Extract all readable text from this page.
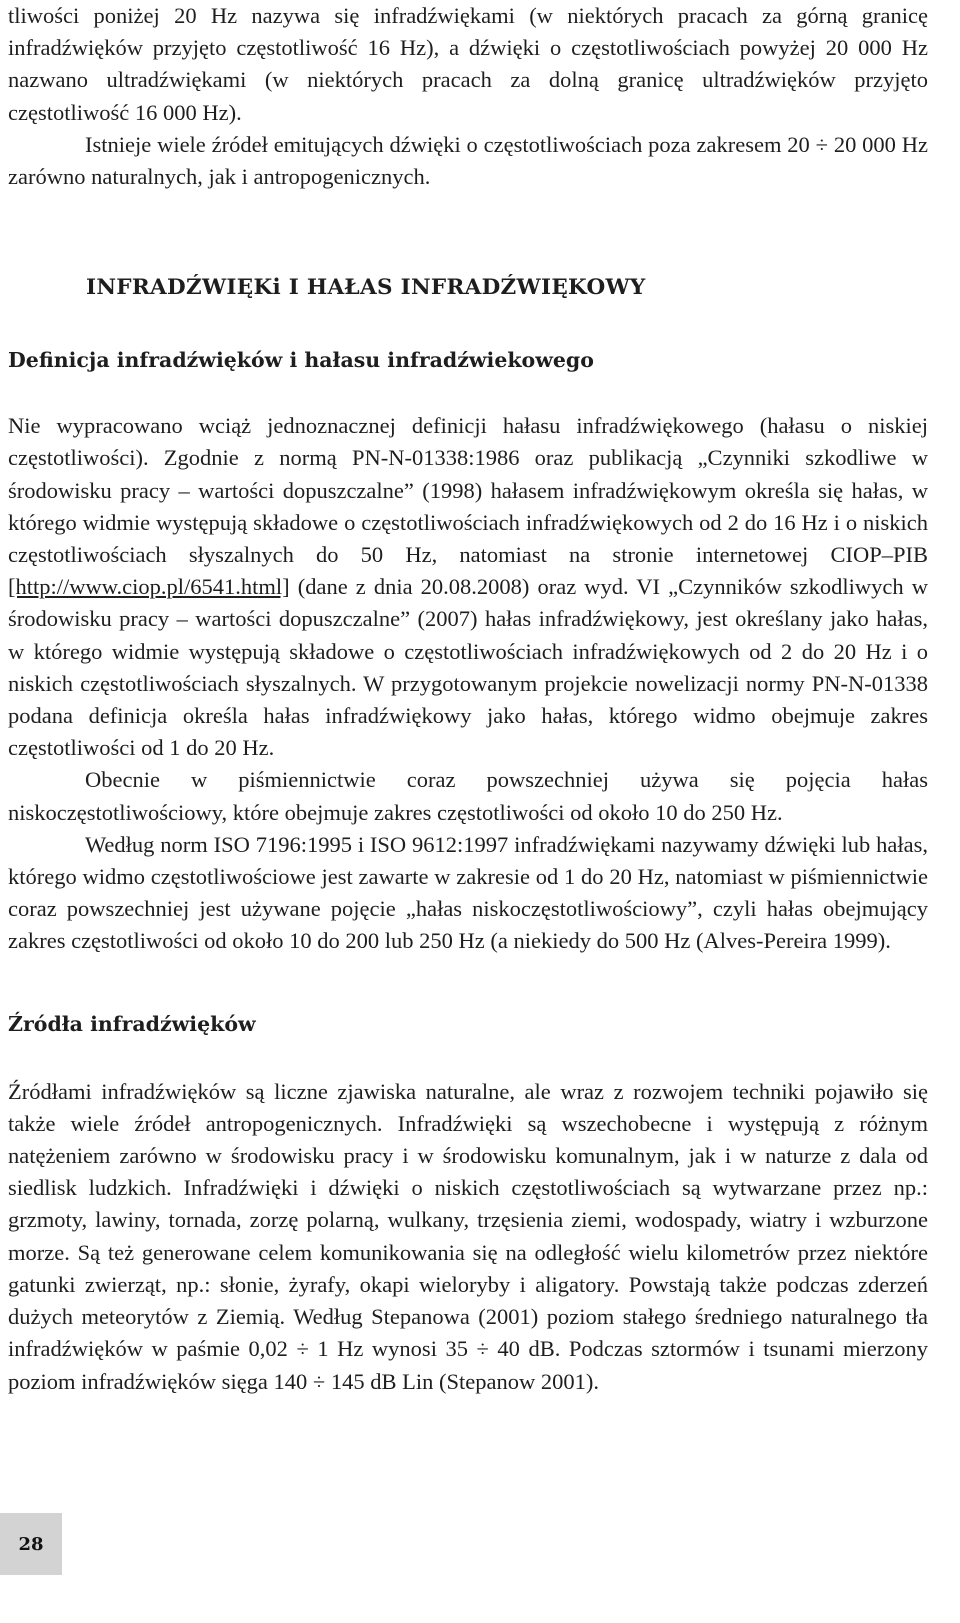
tliwości poniżej 20 Hz nazywa się infradźwiękami (w niektórych pracach za górną granicę infradźwięków przyjęto częstotliwość 16 Hz), a dźwięki o częstotliwościach powyżej 20 000 Hz nazwano ultradźwiękami (w niektórych pracach za dolną granicę ultradźwięków przyjęto częstotliwość 16 000 Hz).

Istnieje wiele źródeł emitujących dźwięki o częstotliwościach poza zakresem 20 ÷ 20 000 Hz zarówno naturalnych, jak i antropogenicznych.

INFRADŹWIĘKi I HAŁAS INFRADŹWIĘKOWY
Definicja infradźwięków i hałasu infradźwiekowego

Nie wypracowano wciąż jednoznacznej definicji hałasu infradźwiękowego (hałasu o niskiej częstotliwości). Zgodnie z normą PN-N-01338:1986 oraz publikacją „Czynniki szkodliwe w środowisku pracy – wartości dopuszczalne” (1998) hałasem infradźwiękowym określa się hałas, w którego widmie występują składowe o częstotliwościach infradźwiękowych od 2 do 16 Hz i o niskich częstotliwościach słyszalnych do 50 Hz, natomiast na stronie internetowej CIOP–PIB [http://www.ciop.pl/6541.html] (dane z dnia 20.08.2008) oraz wyd. VI „Czynników szkodliwych w środowisku pracy – wartości dopuszczalne” (2007) hałas infradźwiękowy, jest określany jako hałas, w którego widmie występują składowe o częstotliwościach infradźwiękowych od 2 do 20 Hz i o niskich częstotliwościach słyszalnych. W przygotowanym projekcie nowelizacji normy PN-N-01338 podana definicja określa hałas infradźwiękowy jako hałas, którego widmo obejmuje zakres częstotliwości od 1 do 20 Hz.

Obecnie w piśmiennictwie coraz powszechniej używa się pojęcia hałas niskoczęstotliwościowy, które obejmuje zakres częstotliwości od około 10 do 250 Hz.

Według norm ISO 7196:1995 i ISO 9612:1997 infradźwiękami nazywamy dźwięki lub hałas, którego widmo częstotliwościowe jest zawarte w zakresie od 1 do 20 Hz, natomiast w piśmiennictwie coraz powszechniej jest używane pojęcie „hałas niskoczęstotliwościowy”, czyli hałas obejmujący zakres częstotliwości od około 10 do 200 lub 250 Hz (a niekiedy do 500 Hz (Alves-Pereira 1999).

Źródła infradźwięków

Źródłami infradźwięków są liczne zjawiska naturalne, ale wraz z rozwojem techniki pojawiło się także wiele źródeł antropogenicznych. Infradźwięki są wszechobecne i występują z różnym natężeniem zarówno w środowisku pracy i w środowisku komunalnym, jak i w naturze z dala od siedlisk ludzkich. Infradźwięki i dźwięki o niskich częstotliwościach są wytwarzane przez np.: grzmoty, lawiny, tornada, zorzę polarną, wulkany, trzęsienia ziemi, wodospady, wiatry i wzburzone morze. Są też generowane celem komunikowania się na odległość wielu kilometrów przez niektóre gatunki zwierząt, np.: słonie, żyrafy, okapi wieloryby i aligatory. Powstają także podczas zderzeń dużych meteorytów z Ziemią. Według Stepanowa (2001) poziom stałego średniego naturalnego tła infradźwięków w paśmie 0,02 ÷ 1 Hz wynosi 35 ÷ 40 dB. Podczas sztormów i tsunami mierzony poziom infradźwięków sięga 140 ÷ 145 dB Lin (Stepanow 2001).

28
